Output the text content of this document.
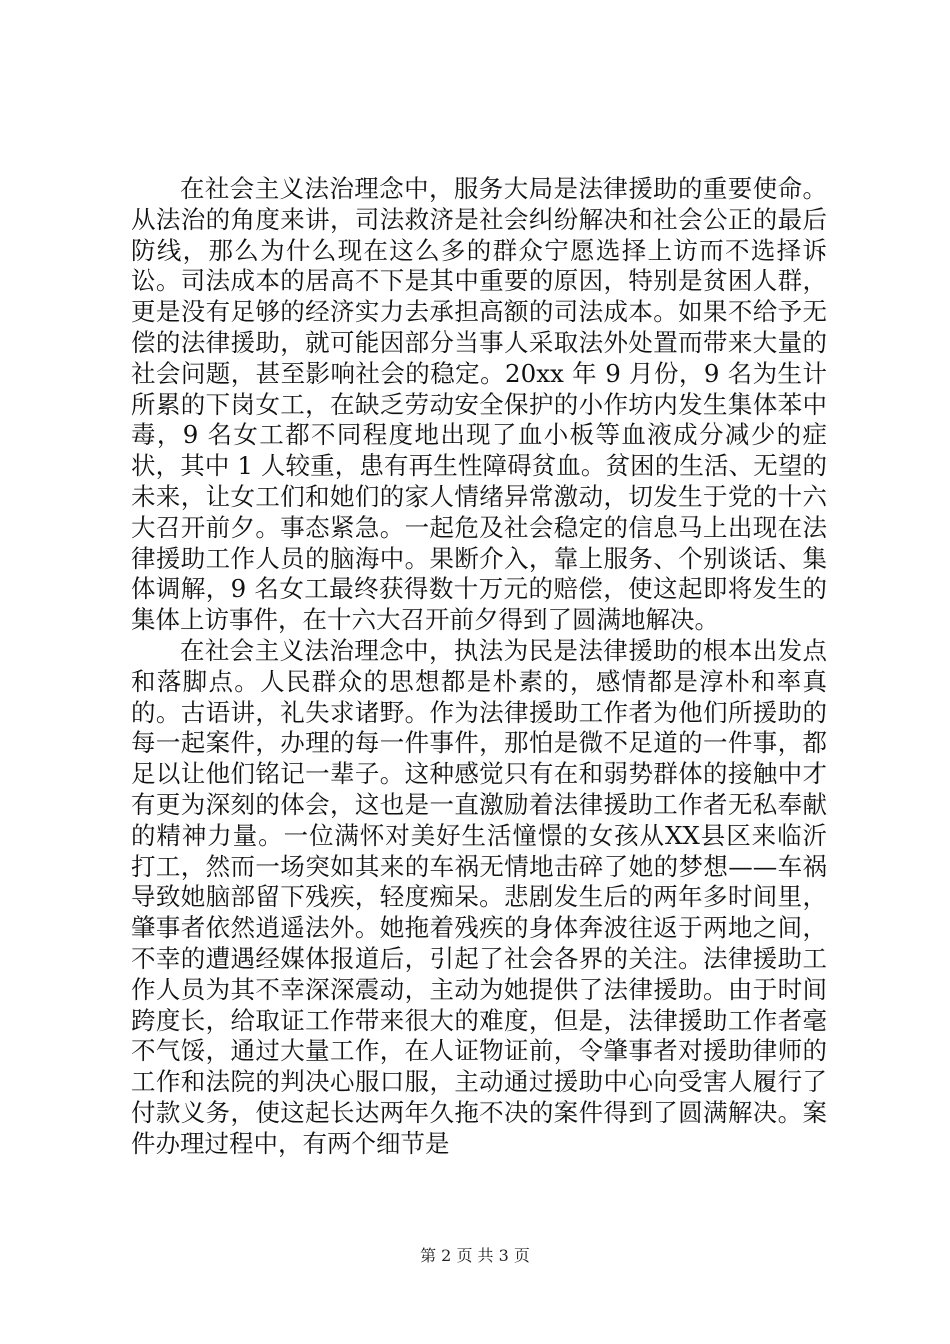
在社会主义法治理念中，服务大局是法律援助的重要使命。从法治的角度来讲，司法救济是社会纠纷解决和社会公正的最后防线，那么为什么现在这么多的群众宁愿选择上访而不选择诉讼。司法成本的居高不下是其中重要的原因，特别是贫困人群，更是没有足够的经济实力去承担高额的司法成本。如果不给予无偿的法律援助，就可能因部分当事人采取法外处置而带来大量的社会问题，甚至影响社会的稳定。20xx 年 9 月份，9 名为生计所累的下岗女工，在缺乏劳动安全保护的小作坊内发生集体苯中毒，9 名女工都不同程度地出现了血小板等血液成分减少的症状，其中 1 人较重，患有再生性障碍贫血。贫困的生活、无望的未来，让女工们和她们的家人情绪异常激动，切发生于党的十六大召开前夕。事态紧急。一起危及社会稳定的信息马上出现在法律援助工作人员的脑海中。果断介入，靠上服务、个别谈话、集体调解，9 名女工最终获得数十万元的赔偿，使这起即将发生的集体上访事件，在十六大召开前夕得到了圆满地解决。

在社会主义法治理念中，执法为民是法律援助的根本出发点和落脚点。人民群众的思想都是朴素的，感情都是淳朴和率真的。古语讲，礼失求诸野。作为法律援助工作者为他们所援助的每一起案件，办理的每一件事件，那怕是微不足道的一件事，都足以让他们铭记一辈子。这种感觉只有在和弱势群体的接触中才有更为深刻的体会，这也是一直激励着法律援助工作者无私奉献的精神力量。一位满怀对美好生活憧憬的女孩从XX县区来临沂打工，然而一场突如其来的车祸无情地击碎了她的梦想——车祸导致她脑部留下残疾，轻度痴呆。悲剧发生后的两年多时间里，肇事者依然逍遥法外。她拖着残疾的身体奔波往返于两地之间，不幸的遭遇经媒体报道后，引起了社会各界的关注。法律援助工作人员为其不幸深深震动，主动为她提供了法律援助。由于时间跨度长，给取证工作带来很大的难度，但是，法律援助工作者毫不气馁，通过大量工作，在人证物证前，令肇事者对援助律师的工作和法院的判决心服口服，主动通过援助中心向受害人履行了付款义务，使这起长达两年久拖不决的案件得到了圆满解决。案件办理过程中，有两个细节是

第 2 页 共 3 页
